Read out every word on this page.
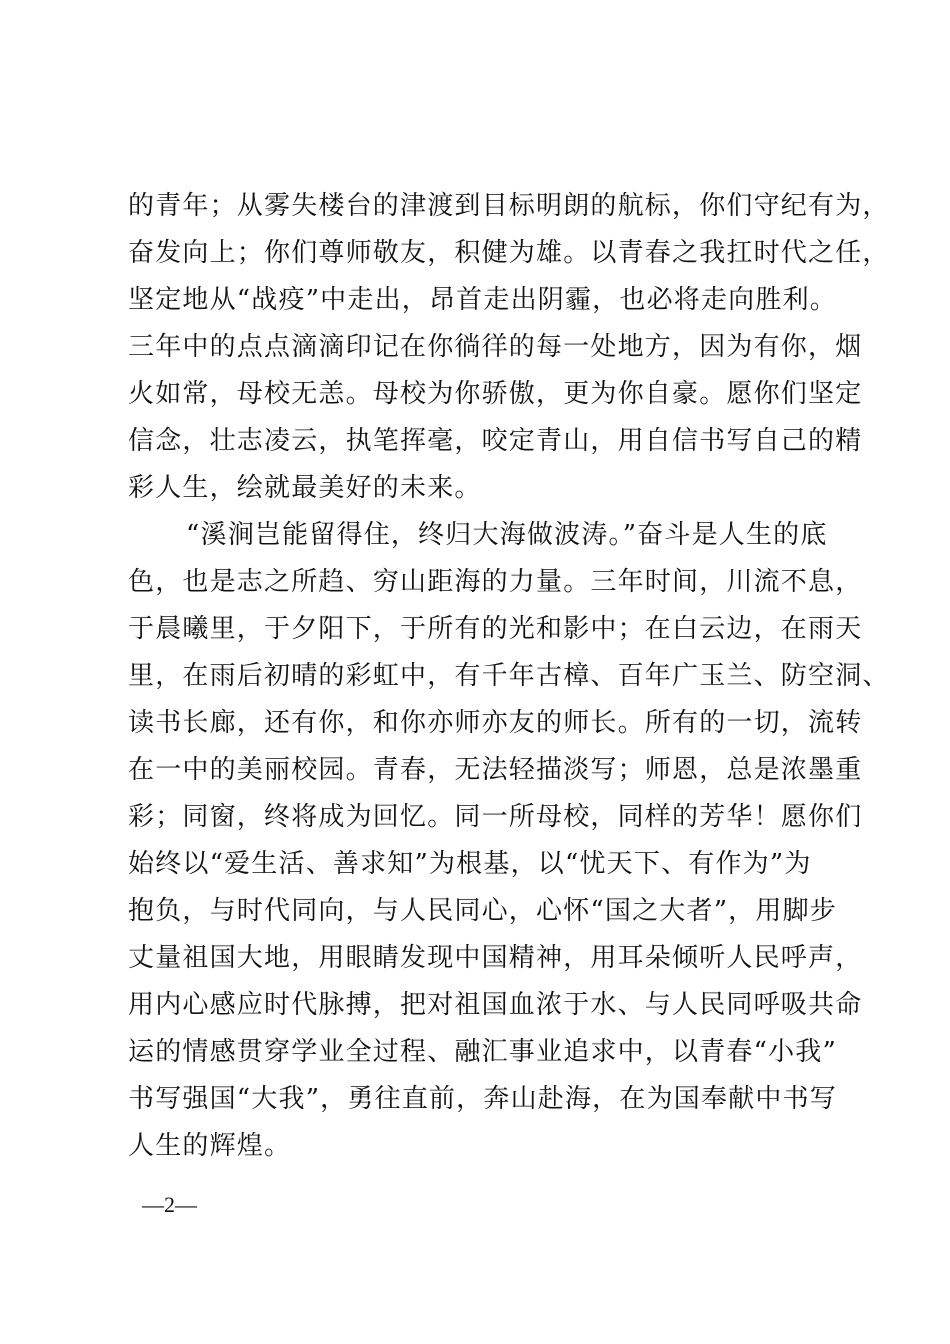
的青年；从雾失楼台的津渡到目标明朗的航标，你们守纪有为，
奋发向上；你们尊师敬友，积健为雄。以青春之我扛时代之任，
坚定地从“战疫”中走出，昂首走出阴霾，也必将走向胜利。
三年中的点点滴滴印记在你徜徉的每一处地方，因为有你，烟
火如常，母校无恙。母校为你骄傲，更为你自豪。愿你们坚定
信念，壮志凌云，执笔挥毫，咬定青山，用自信书写自己的精
彩人生，绘就最美好的未来。
“溪涧岂能留得住，终归大海做波涛。”奋斗是人生的底
色，也是志之所趋、穷山距海的力量。三年时间，川流不息，
于晨曦里，于夕阳下，于所有的光和影中；在白云边，在雨天
里，在雨后初晴的彩虹中，有千年古樟、百年广玉兰、防空洞、
读书长廊，还有你，和你亦师亦友的师长。所有的一切，流转
在一中的美丽校园。青春，无法轻描淡写；师恩，总是浓墨重
彩；同窗，终将成为回忆。同一所母校，同样的芳华！愿你们
始终以“爱生活、善求知”为根基，以“忧天下、有作为”为
抱负，与时代同向，与人民同心，心怀“国之大者”，用脚步
丈量祖国大地，用眼睛发现中国精神，用耳朵倾听人民呼声，
用内心感应时代脉搏，把对祖国血浓于水、与人民同呼吸共命
运的情感贯穿学业全过程、融汇事业追求中，以青春“小我”
书写强国“大我”，勇往直前，奔山赴海，在为国奉献中书写
人生的辉煌。
—2—
